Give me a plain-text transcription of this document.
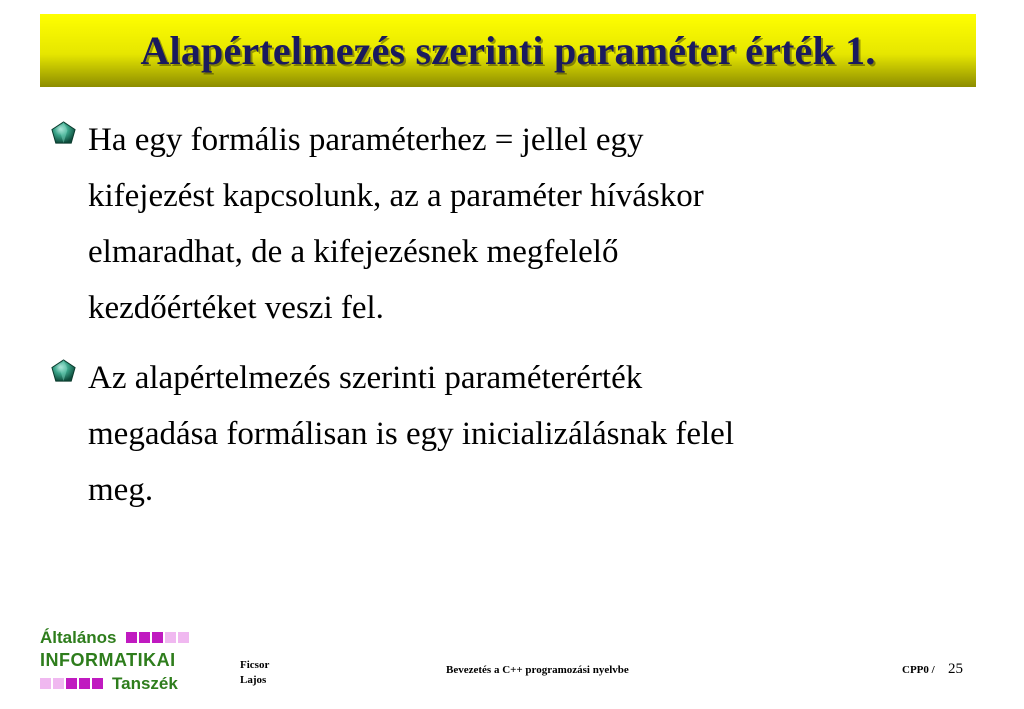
Alapértelmezés szerinti paraméter érték 1.

Ha egy formális paraméterhez = jellel egy
kifejezést kapcsolunk, az a paraméter híváskor
elmaradhat, de a kifejezésnek megfelelő
kezdőértéket veszi fel.

Az alapértelmezés szerinti paraméterérték
megadása formálisan is egy inicializálásnak felel
meg.

Általános
INFORMATIKAI
Tanszék
Ficsor
Lajos
Bevezetés a C++ programozási nyelvbe	CPP0 / 25
